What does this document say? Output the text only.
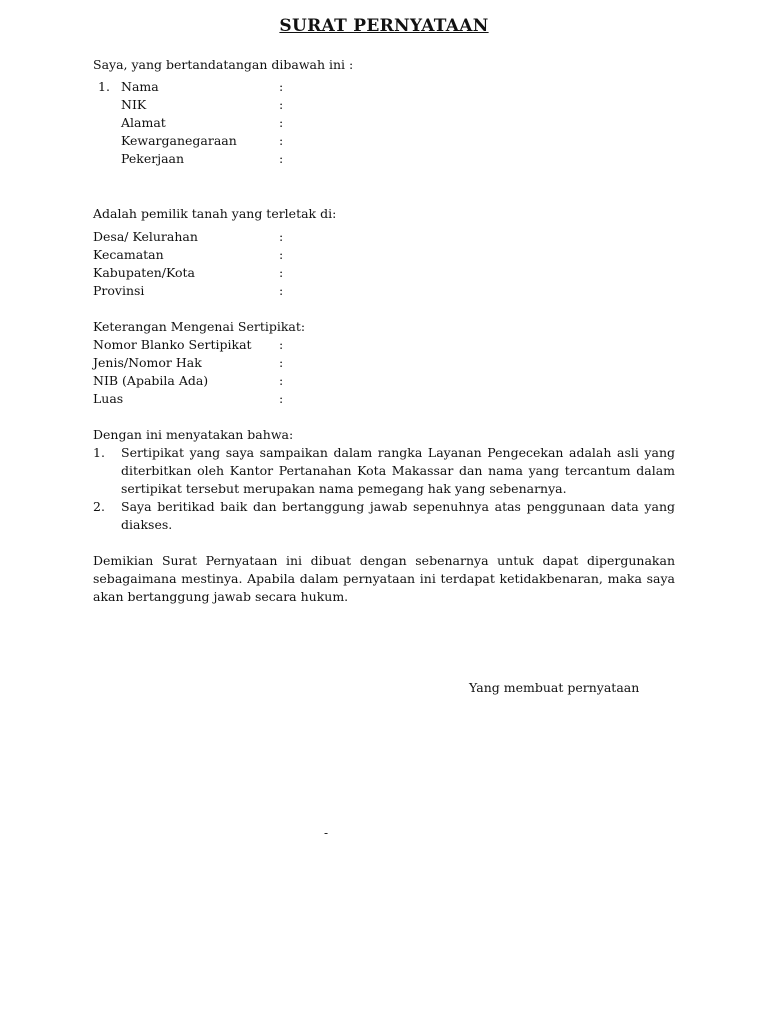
SURAT PERNYATAAN
Saya, yang bertandatangan dibawah ini :
1. Nama	:
NIK	:
Alamat	:
Kewarganegaraan	:
Pekerjaan	:
Adalah pemilik tanah yang terletak di:
Desa/ Kelurahan	:
Kecamatan	:
Kabupaten/Kota	:
Provinsi	:
Keterangan Mengenai Sertipikat:
Nomor Blanko Sertipikat :
Jenis/Nomor Hak	:
NIB (Apabila Ada)	:
Luas	:
Dengan ini menyatakan bahwa:
1. Sertipikat yang saya sampaikan dalam rangka Layanan Pengecekan adalah asli yang diterbitkan oleh Kantor Pertanahan Kota Makassar dan nama yang tercantum dalam sertipikat tersebut merupakan nama pemegang hak yang sebenarnya.
2. Saya beritikad baik dan bertanggung jawab sepenuhnya atas penggunaan data yang diakses.
Demikian Surat Pernyataan ini dibuat dengan sebenarnya untuk dapat dipergunakan sebagaimana mestinya. Apabila dalam pernyataan ini terdapat ketidakbenaran, maka saya akan bertanggung jawab secara hukum.
Yang membuat pernyataan
-
